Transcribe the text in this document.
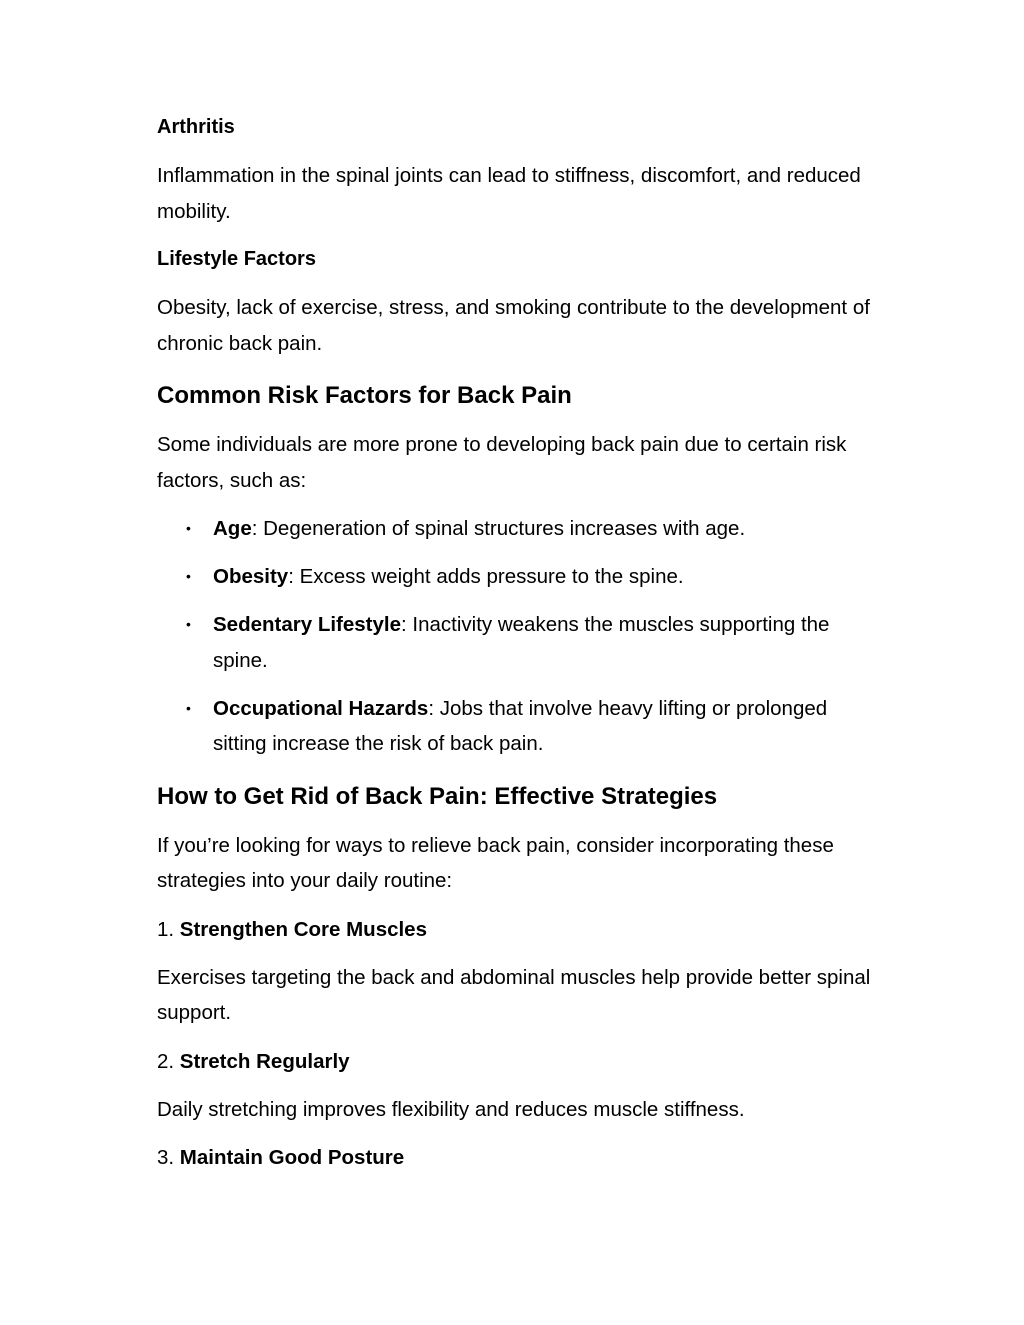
Arthritis
Inflammation in the spinal joints can lead to stiffness, discomfort, and reduced mobility.
Lifestyle Factors
Obesity, lack of exercise, stress, and smoking contribute to the development of chronic back pain.
Common Risk Factors for Back Pain
Some individuals are more prone to developing back pain due to certain risk factors, such as:
• Age: Degeneration of spinal structures increases with age.
• Obesity: Excess weight adds pressure to the spine.
• Sedentary Lifestyle: Inactivity weakens the muscles supporting the spine.
• Occupational Hazards: Jobs that involve heavy lifting or prolonged sitting increase the risk of back pain.
How to Get Rid of Back Pain: Effective Strategies
If you’re looking for ways to relieve back pain, consider incorporating these strategies into your daily routine:
1. Strengthen Core Muscles
Exercises targeting the back and abdominal muscles help provide better spinal support.
2. Stretch Regularly
Daily stretching improves flexibility and reduces muscle stiffness.
3. Maintain Good Posture
